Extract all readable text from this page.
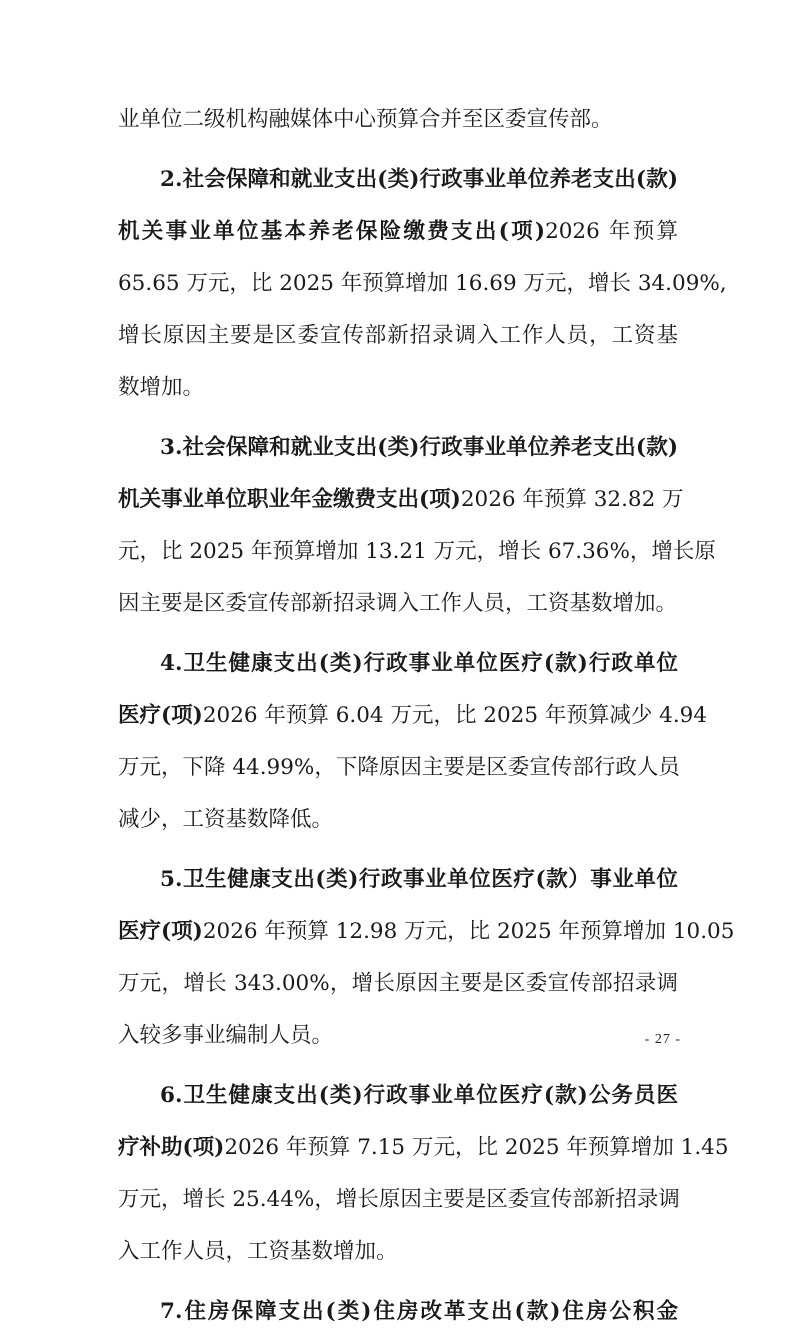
业单位二级机构融媒体中心预算合并至区委宣传部。
2.社会保障和就业支出(类)行政事业单位养老支出(款)
机关事业单位基本养老保险缴费支出(项)2026 年预算
65.65 万元，比 2025 年预算增加 16.69 万元，增长 34.09%,
增长原因主要是区委宣传部新招录调入工作人员，工资基
数增加。
3.社会保障和就业支出(类)行政事业单位养老支出(款)
机关事业单位职业年金缴费支出(项)2026 年预算 32.82 万
元，比 2025 年预算增加 13.21 万元，增长 67.36%，增长原
因主要是区委宣传部新招录调入工作人员，工资基数增加。
4.卫生健康支出(类)行政事业单位医疗(款)行政单位
医疗(项)2026 年预算 6.04 万元，比 2025 年预算减少 4.94
万元，下降 44.99%，下降原因主要是区委宣传部行政人员
减少，工资基数降低。
5.卫生健康支出(类)行政事业单位医疗(款）事业单位
医疗(项)2026 年预算 12.98 万元，比 2025 年预算增加 10.05
万元，增长 343.00%，增长原因主要是区委宣传部招录调
入较多事业编制人员。
6.卫生健康支出(类)行政事业单位医疗(款)公务员医
疗补助(项)2026 年预算 7.15 万元，比 2025 年预算增加 1.45
万元，增长 25.44%，增长原因主要是区委宣传部新招录调
入工作人员，工资基数增加。
7.住房保障支出(类)住房改革支出(款)住房公积金
- 27 -
